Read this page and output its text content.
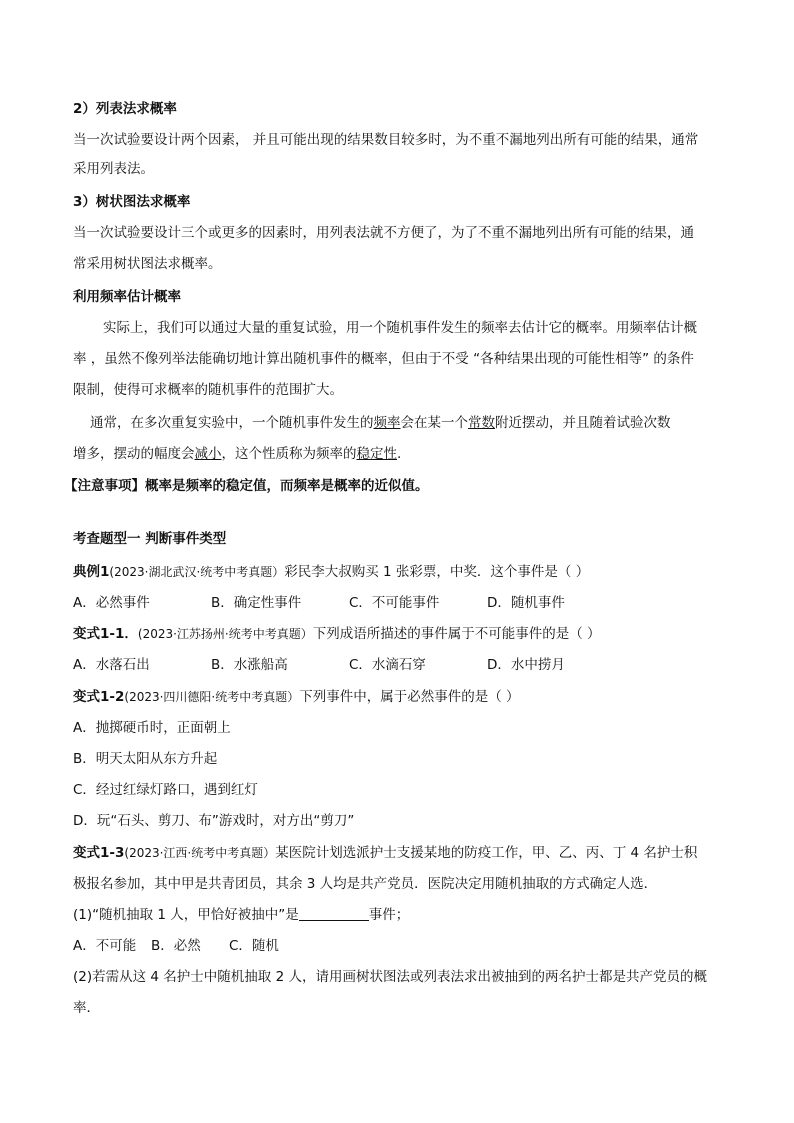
2）列表法求概率
当一次试验要设计两个因素， 并且可能出现的结果数目较多时，为不重不漏地列出所有可能的结果，通常
采用列表法。
3）树状图法求概率
当一次试验要设计三个或更多的因素时，用列表法就不方便了，为了不重不漏地列出所有可能的结果，通
常采用树状图法求概率。
利用频率估计概率
实际上，我们可以通过大量的重复试验，用一个随机事件发生的频率去估计它的概率。用频率估计概
率 ，虽然不像列举法能确切地计算出随机事件的概率，但由于不受 “各种结果出现的可能性相等” 的条件
限制，使得可求概率的随机事件的范围扩大。
通常，在多次重复实验中，一个随机事件发生的频率会在某一个常数附近摆动，并且随着试验次数
增多，摆动的幅度会减小，这个性质称为频率的稳定性.
【注意事项】概率是频率的稳定值，而频率是概率的近似值。
考查题型一 判断事件类型
典例1(2023·湖北武汉·统考中考真题）彩民李大叔购买 1 张彩票，中奖．这个事件是（ ）
A．必然事件	B．确定性事件	C．不可能事件	D．随机事件
变式1-1．(2023·江苏扬州·统考中考真题）下列成语所描述的事件属于不可能事件的是（ ）
A．水落石出	B．水涨船高	C．水滴石穿	D．水中捞月
变式1-2(2023·四川德阳·统考中考真题）下列事件中，属于必然事件的是（ ）
A．抛掷硬币时，正面朝上
B．明天太阳从东方升起
C．经过红绿灯路口，遇到红灯
D．玩“石头、剪刀、布”游戏时，对方出“剪刀”
变式1-3(2023·江西·统考中考真题）某医院计划选派护士支援某地的防疫工作，甲、乙、丙、丁 4 名护士积
极报名参加，其中甲是共青团员，其余 3 人均是共产党员．医院决定用随机抽取的方式确定人选．
(1)“随机抽取 1 人，甲恰好被抽中”是	事件；
A．不可能 B．必然 C．随机
(2)若需从这 4 名护士中随机抽取 2 人，请用画树状图法或列表法求出被抽到的两名护士都是共产党员的概
率．
